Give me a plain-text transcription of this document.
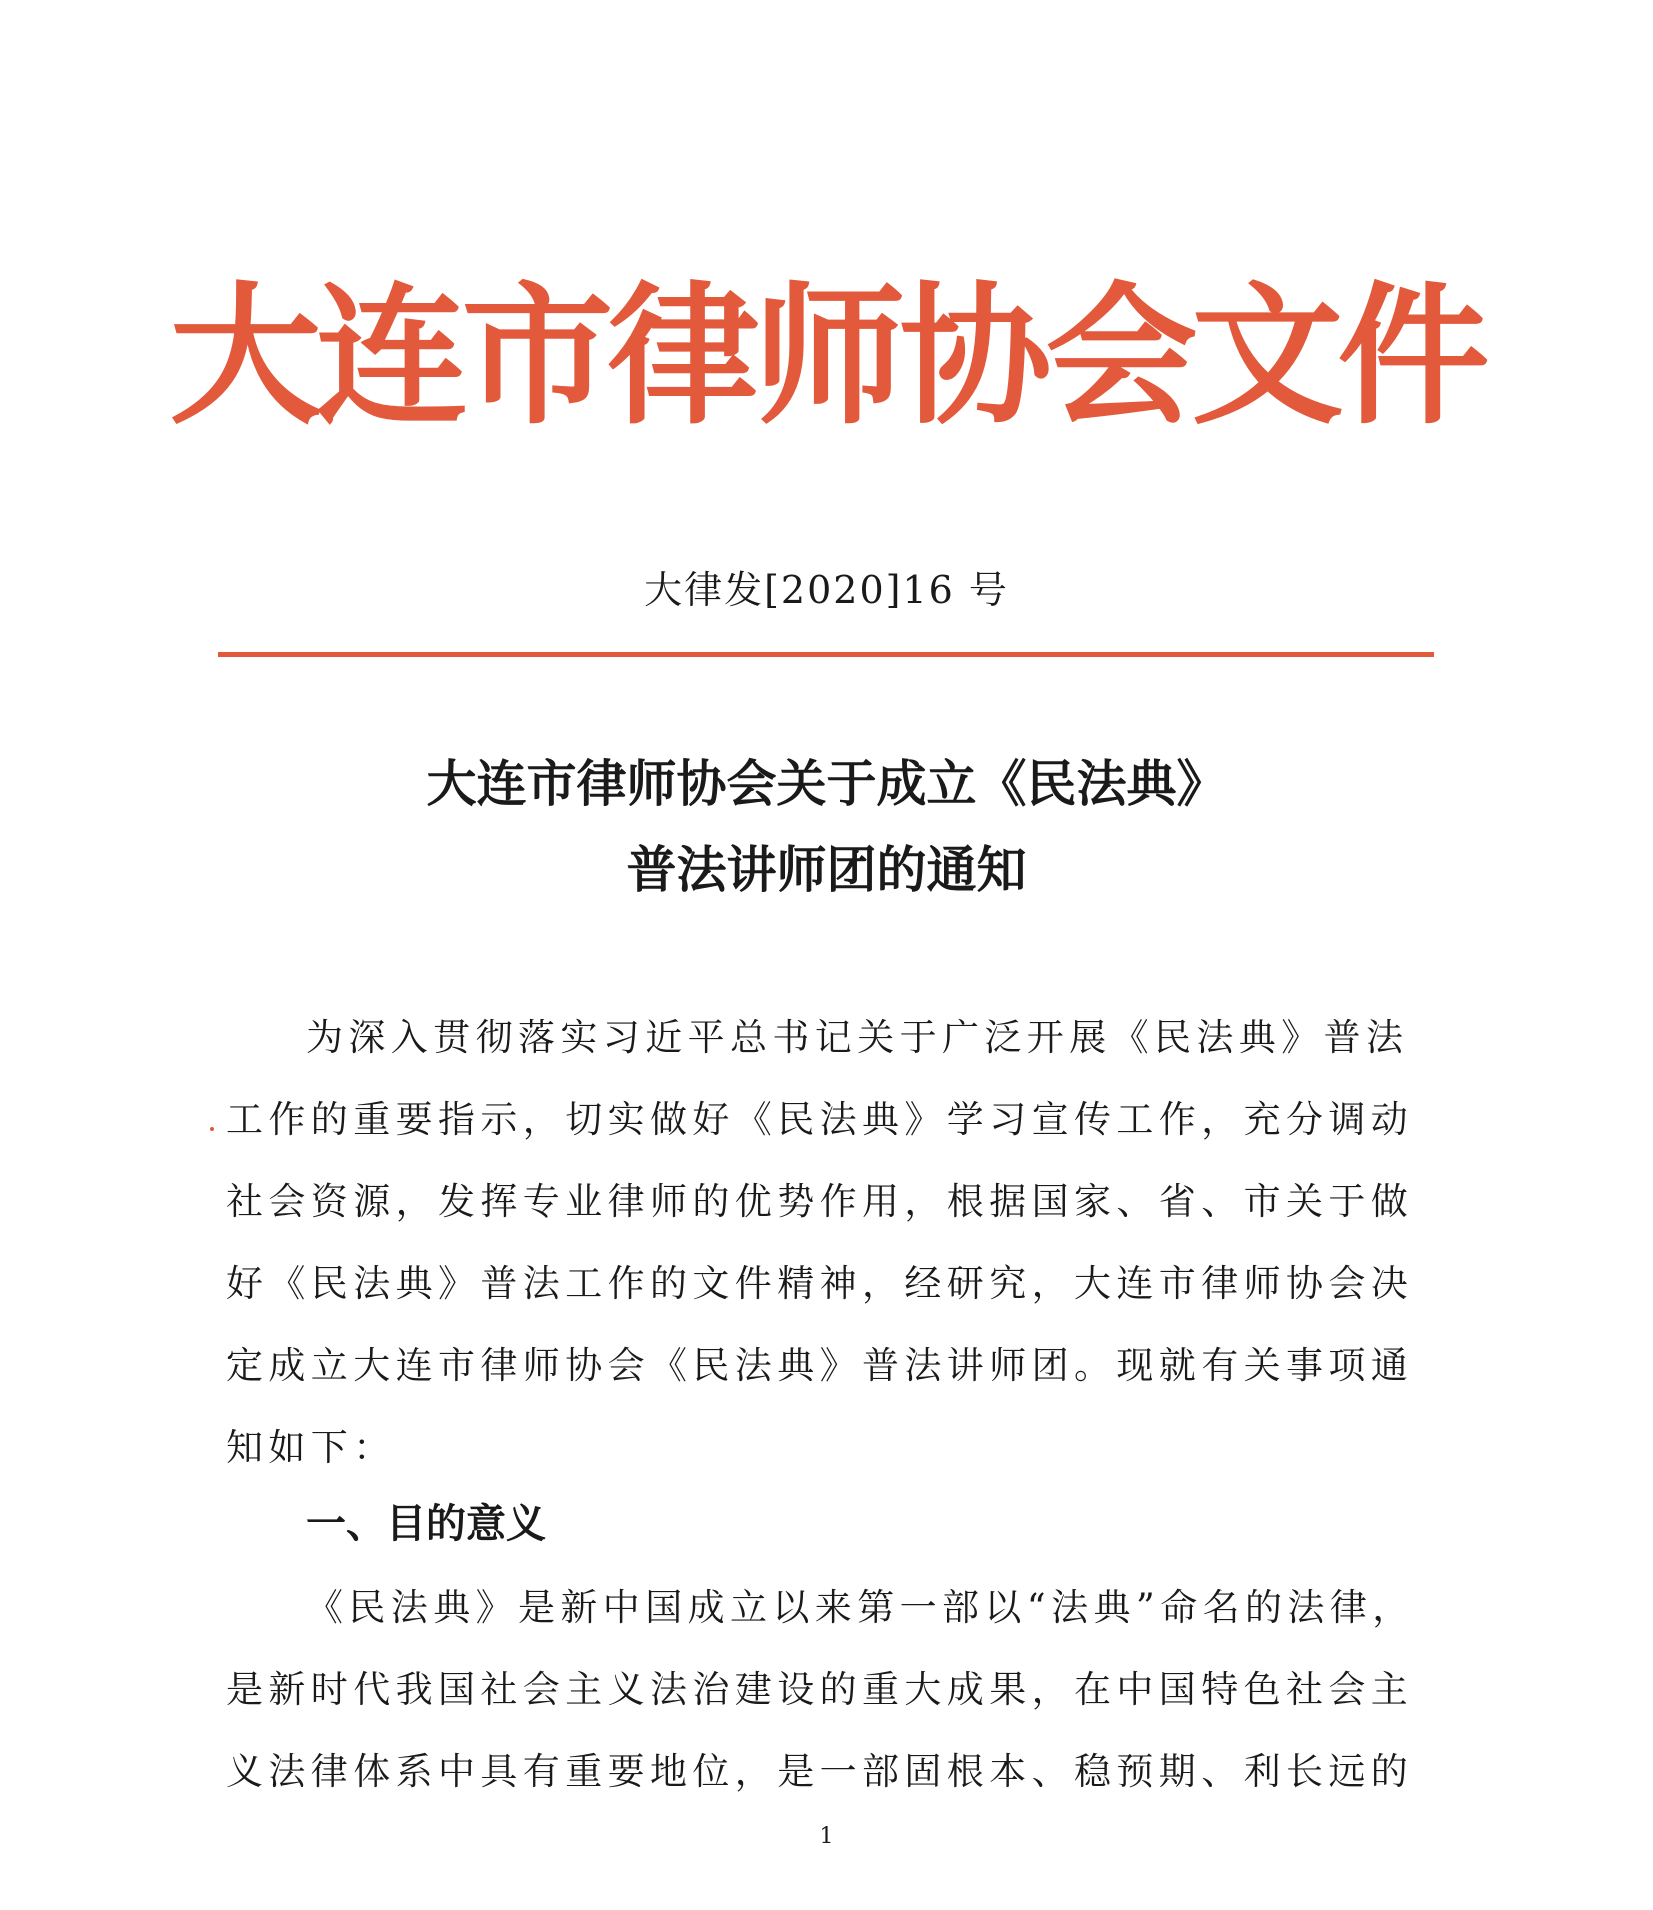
大连市律师协会文件
大律发[2020]16 号
大连市律师协会关于成立《民法典》
普法讲师团的通知
为深入贯彻落实习近平总书记关于广泛开展《民法典》普法
工作的重要指示，切实做好《民法典》学习宣传工作，充分调动
社会资源，发挥专业律师的优势作用，根据国家、省、市关于做
好《民法典》普法工作的文件精神，经研究，大连市律师协会决
定成立大连市律师协会《民法典》普法讲师团。现就有关事项通
知如下：
一、目的意义
《民法典》是新中国成立以来第一部以“法典”命名的法律，
是新时代我国社会主义法治建设的重大成果，在中国特色社会主
义法律体系中具有重要地位，是一部固根本、稳预期、利长远的
1
